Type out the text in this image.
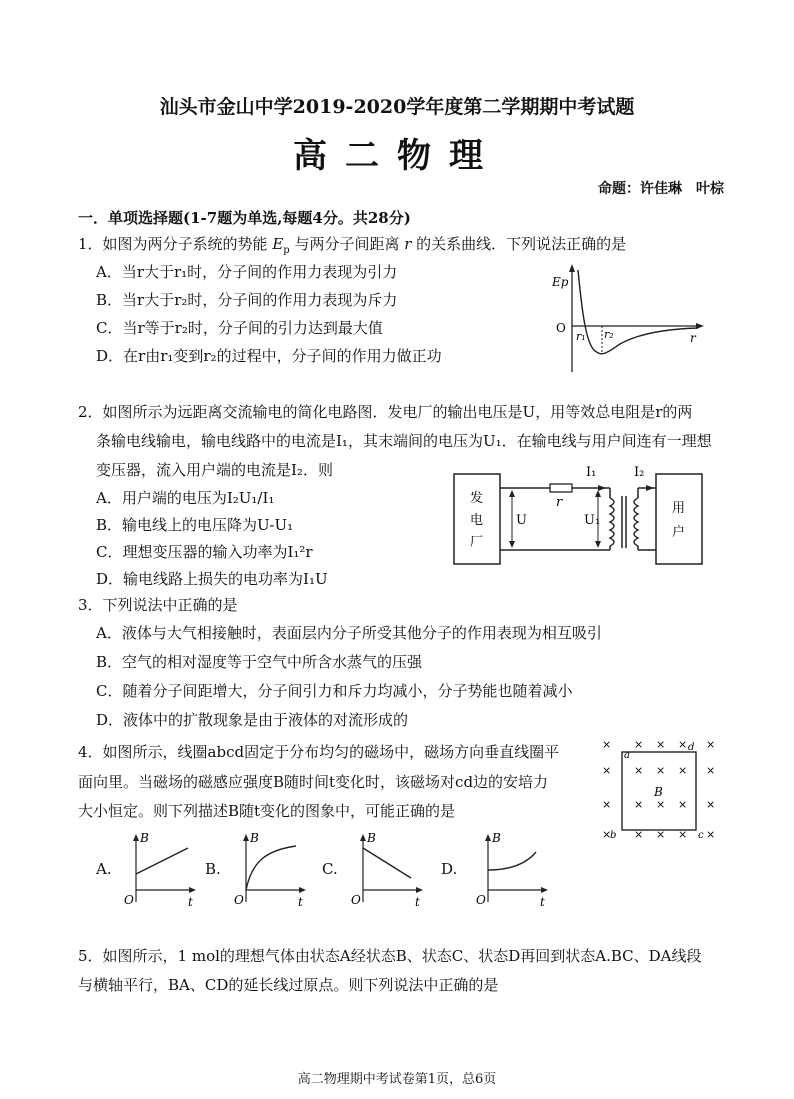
汕头市金山中学2019-2020学年度第二学期期中考试题
高二物理
命题：许佳琳　叶棕
一．单项选择题(1-7题为单选,每题4分。共28分)
1．如图为两分子系统的势能 $E_p$ 与两分子间距离 r 的关系曲线．下列说法正确的是
A．当r大于r₁时，分子间的作用力表现为引力
B．当r大于r₂时，分子间的作用力表现为斥力
C．当r等于r₂时，分子间的引力达到最大值
D．在r由r₁变到r₂的过程中，分子间的作用力做正功
Ep
O
r₁ r₂	r
2．如图所示为远距离交流输电的简化电路图．发电厂的输出电压是U，用等效总电阻是r的两
条输电线输电，输电线路中的电流是I₁，其末端间的电压为U₁．在输电线与用户间连有一理想
变压器，流入用户端的电流是I₂．则
A．用户端的电压为I₂U₁/I₁
B．输电线上的电压降为U-U₁
C．理想变压器的输入功率为I₁²r
D．输电线路上损失的电功率为I₁U
发
电
厂
r	用
户
U	U₁
I₁	I₂
3．下列说法中正确的是
A．液体与大气相接触时，表面层内分子所受其他分子的作用表现为相互吸引
B．空气的相对湿度等于空气中所含水蒸气的压强
C．随着分子间距增大，分子间引力和斥力均减小，分子势能也随着减小
D．液体中的扩散现象是由于液体的对流形成的
4．如图所示，线圈abcd固定于分布均匀的磁场中，磁场方向垂直线圈平
面向里。当磁场的磁感应强度B随时间t变化时，该磁场对cd边的安培力
大小恒定。则下列描述B随t变化的图象中，可能正确的是
× × × × ×
× × × × ×
× × × × ×
× × × × ×
a
d
b	c
B
A.	B.	C.	D.
B
O	t
B
O	t
B
O	t
B
O	t
5．如图所示，1 mol的理想气体由状态A经状态B、状态C、状态D再回到状态A.BC、DA线段
与横轴平行，BA、CD的延长线过原点。则下列说法中正确的是
高二物理期中考试卷第1页，总6页
